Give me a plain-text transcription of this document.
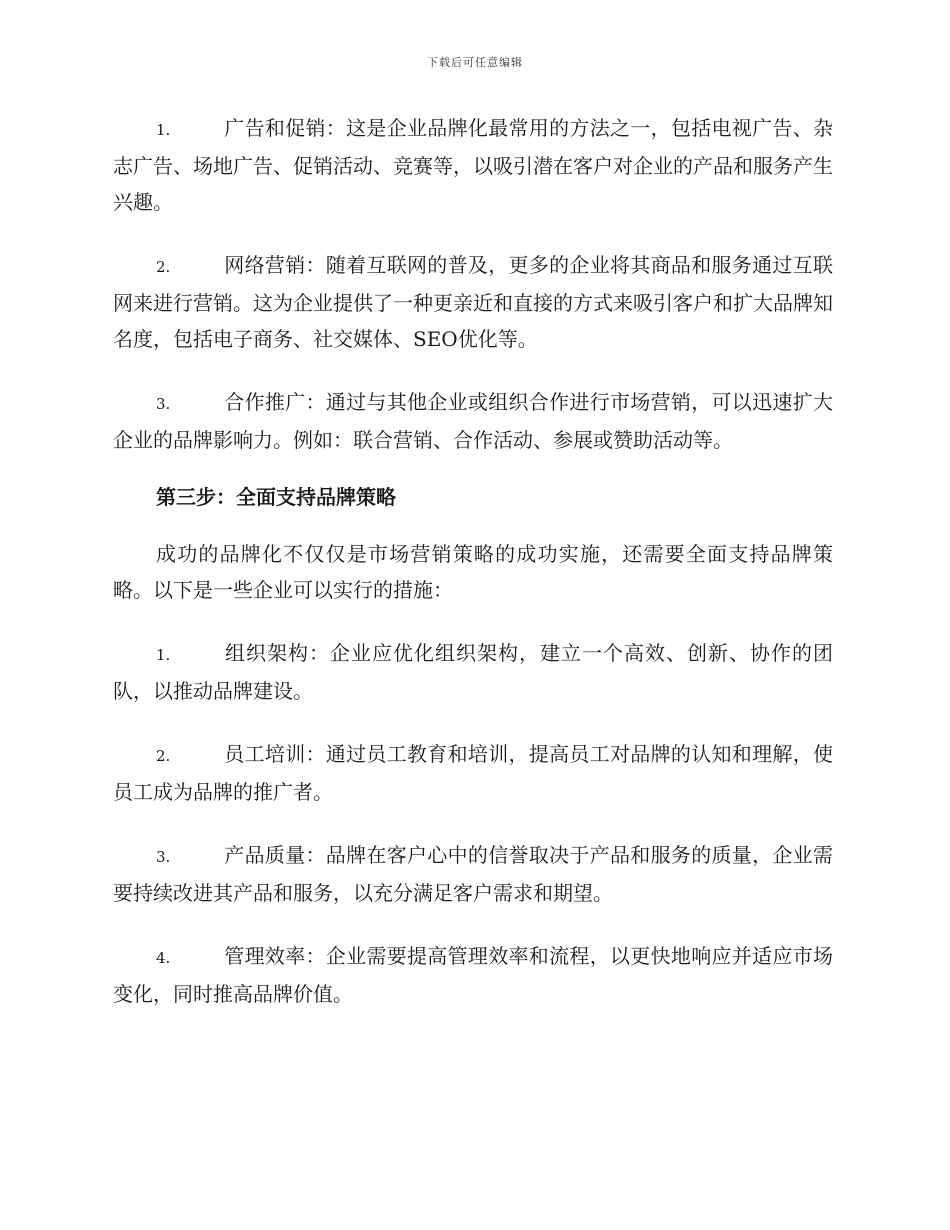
下载后可任意编辑

1.	广告和促销：这是企业品牌化最常用的方法之一，包括电视广告、杂志广告、场地广告、促销活动、竞赛等，以吸引潜在客户对企业的产品和服务产生兴趣。

2.	网络营销：随着互联网的普及，更多的企业将其商品和服务通过互联网来进行营销。这为企业提供了一种更亲近和直接的方式来吸引客户和扩大品牌知名度，包括电子商务、社交媒体、SEO优化等。

3.	合作推广：通过与其他企业或组织合作进行市场营销，可以迅速扩大企业的品牌影响力。例如：联合营销、合作活动、参展或赞助活动等。

第三步：全面支持品牌策略

成功的品牌化不仅仅是市场营销策略的成功实施，还需要全面支持品牌策略。以下是一些企业可以实行的措施：

1.	组织架构：企业应优化组织架构，建立一个高效、创新、协作的团队，以推动品牌建设。

2.	员工培训：通过员工教育和培训，提高员工对品牌的认知和理解，使员工成为品牌的推广者。

3.	产品质量：品牌在客户心中的信誉取决于产品和服务的质量，企业需要持续改进其产品和服务，以充分满足客户需求和期望。

4.	管理效率：企业需要提高管理效率和流程，以更快地响应并适应市场变化，同时推高品牌价值。
